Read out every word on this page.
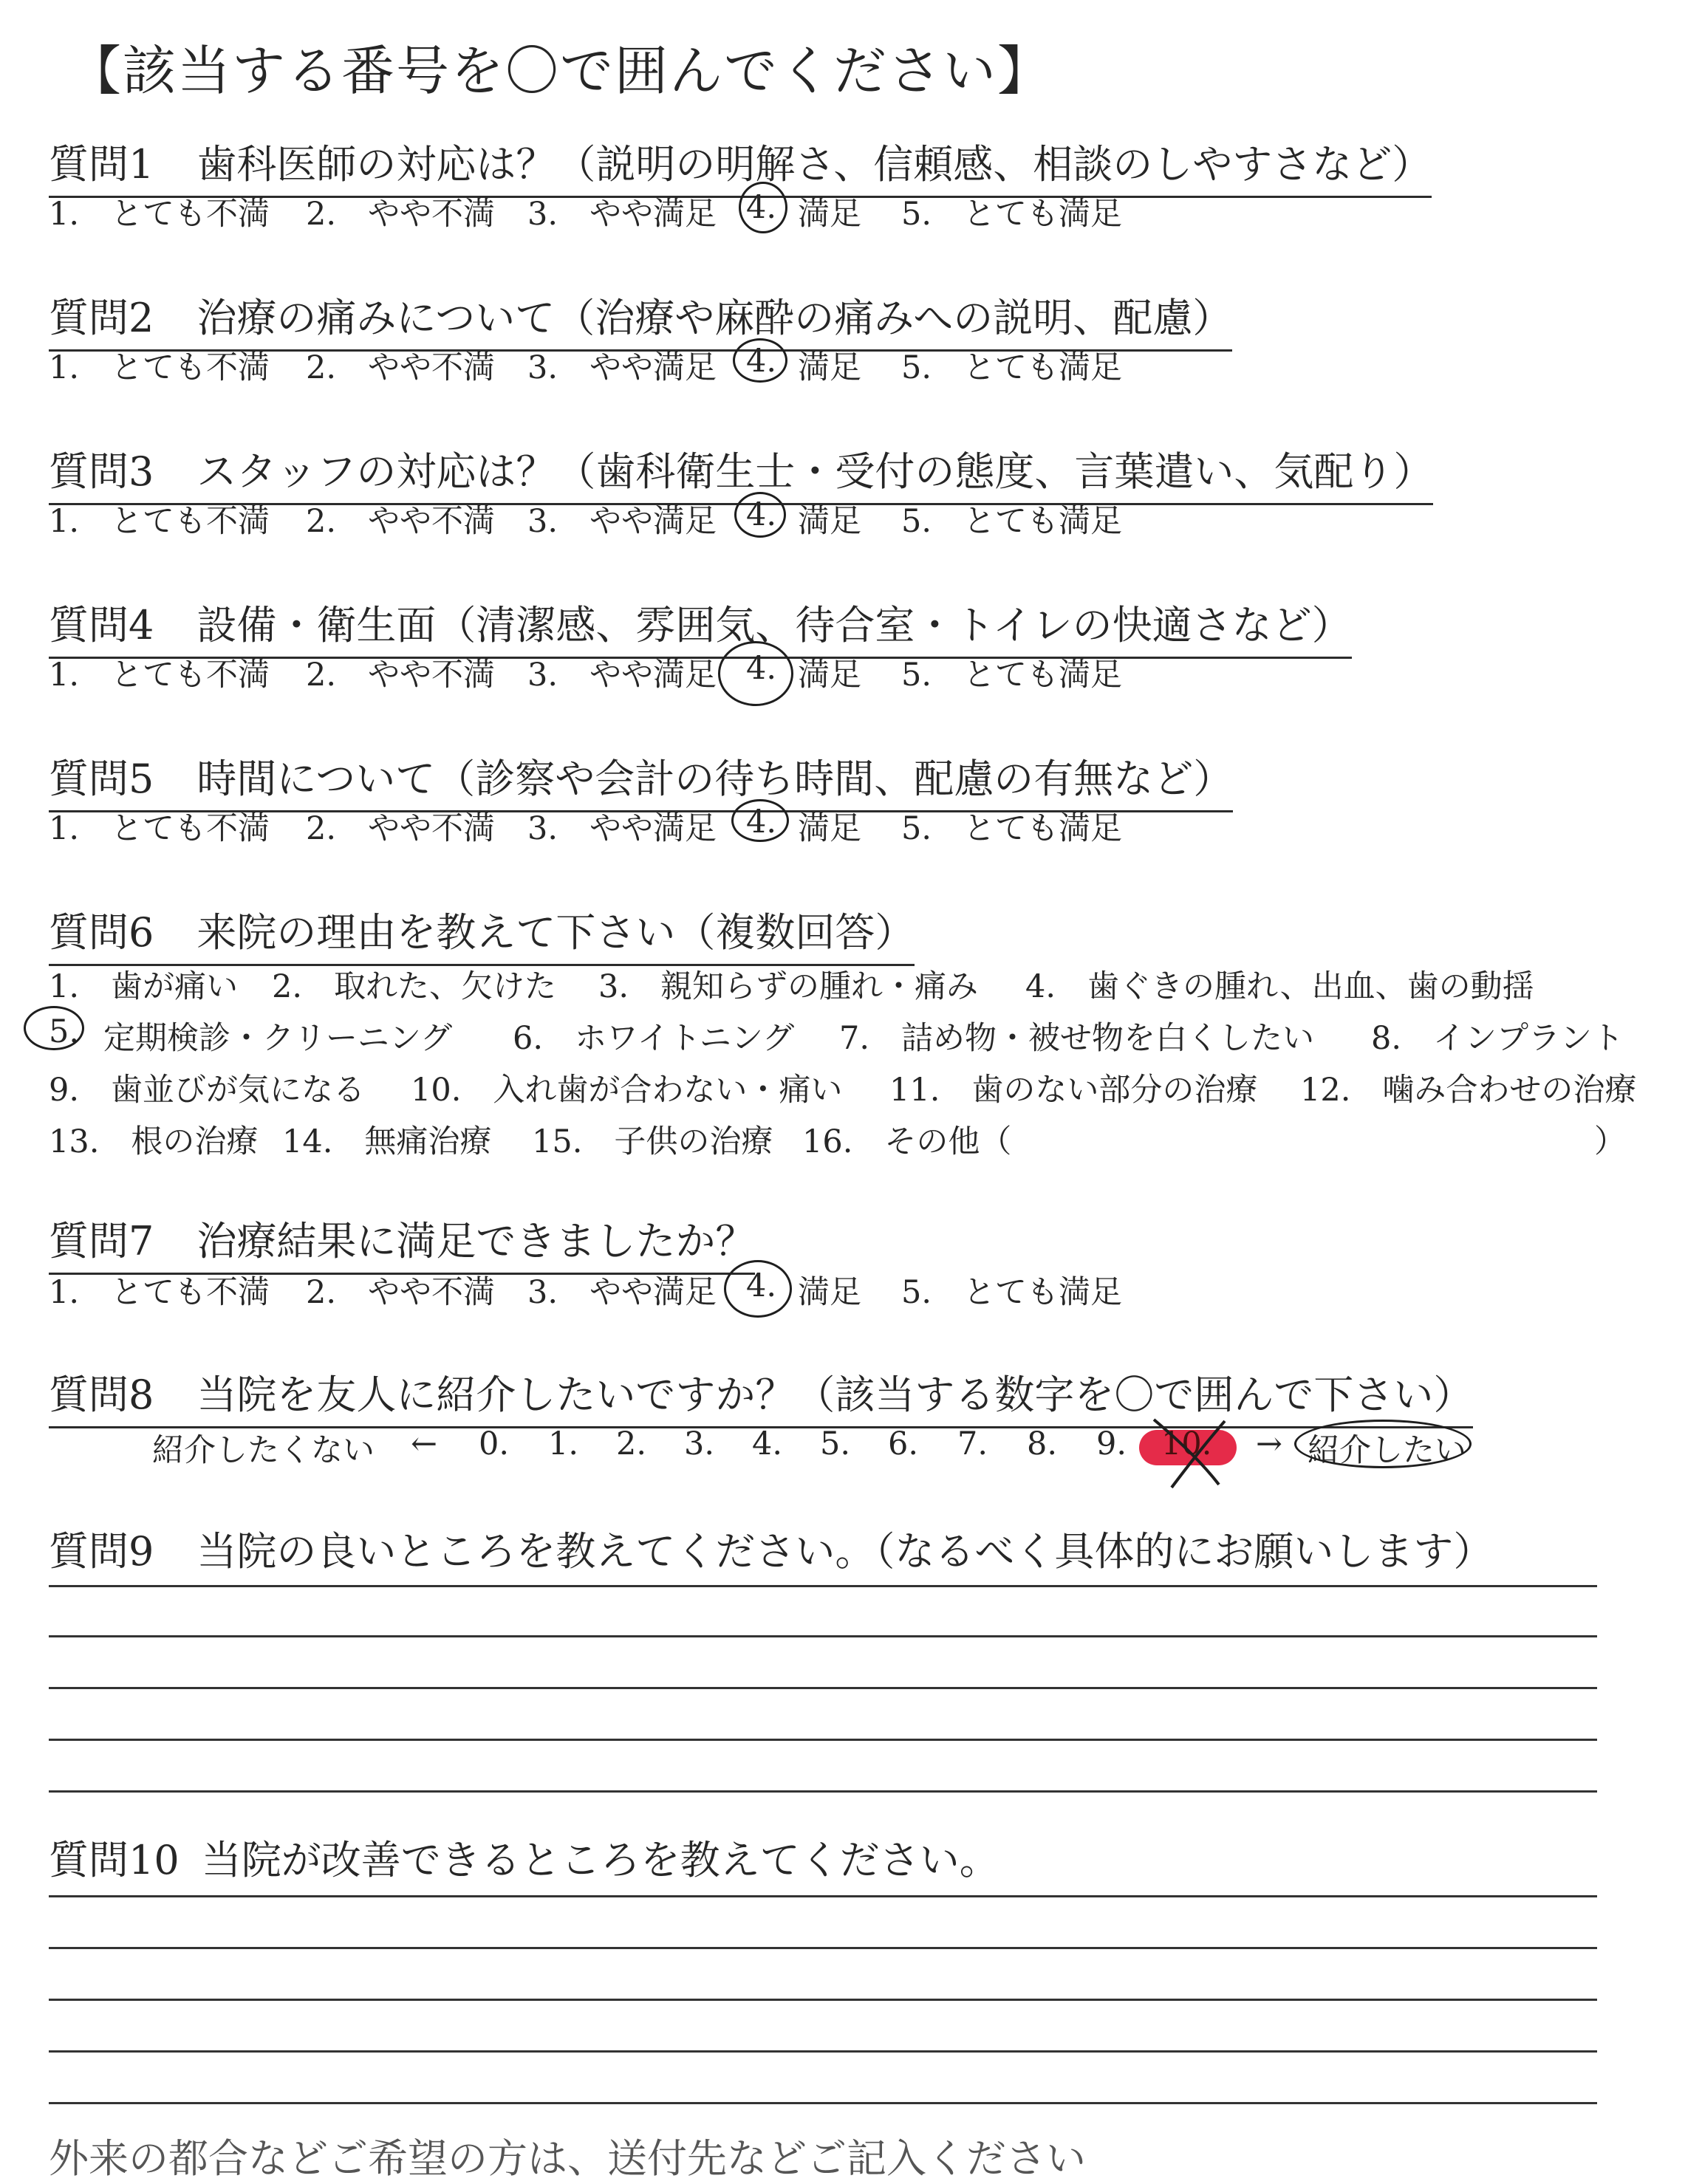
【該当する番号を〇で囲んでください】
質問1 歯科医師の対応は？（説明の明解さ、信頼感、相談のしやすさなど）
1.　とても不満 2.　やや不満 3.　やや満足 4. 満足 5.　とても満足
質問2 治療の痛みについて（治療や麻酔の痛みへの説明、配慮）
1.　とても不満 2.　やや不満 3.　やや満足 4. 満足 5.　とても満足
質問3 スタッフの対応は？（歯科衛生士・受付の態度、言葉遣い、気配り）
1.　とても不満 2.　やや不満 3.　やや満足 4. 満足 5.　とても満足
質問4 設備・衛生面（清潔感、雰囲気、待合室・トイレの快適さなど）
1.　とても不満 2.　やや不満 3.　やや満足 4. 満足 5.　とても満足
質問5 時間について（診察や会計の待ち時間、配慮の有無など）
1.　とても不満 2.　やや不満 3.　やや満足 4. 満足 5.　とても満足
質問6 来院の理由を教えて下さい（複数回答）
1.　歯が痛い 2.　取れた、欠けた 3.　親知らずの腫れ・痛み 4.　歯ぐきの腫れ、出血、歯の動揺
5. 定期検診・クリーニング 6.　ホワイトニング 7.　詰め物・被せ物を白くしたい 8.　インプラント
9.　歯並びが気になる 10.　入れ歯が合わない・痛い 11.　歯のない部分の治療 12.　噛み合わせの治療
13.　根の治療 14.　無痛治療 15.　子供の治療 16.　その他（	）
質問7 治療結果に満足できましたか？
1.　とても不満 2.　やや不満 3.　やや満足 4. 満足 5.　とても満足
質問8 当院を友人に紹介したいですか？（該当する数字を〇で囲んで下さい）
紹介したくない ← 0. 1. 2. 3. 4. 5. 6. 7. 8. 9. 10. → 紹介したい
質問9 当院の良いところを教えてください。（なるべく具体的にお願いします）
質問10 当院が改善できるところを教えてください。
外来の都合などご希望の方は、送付先などご記入ください
